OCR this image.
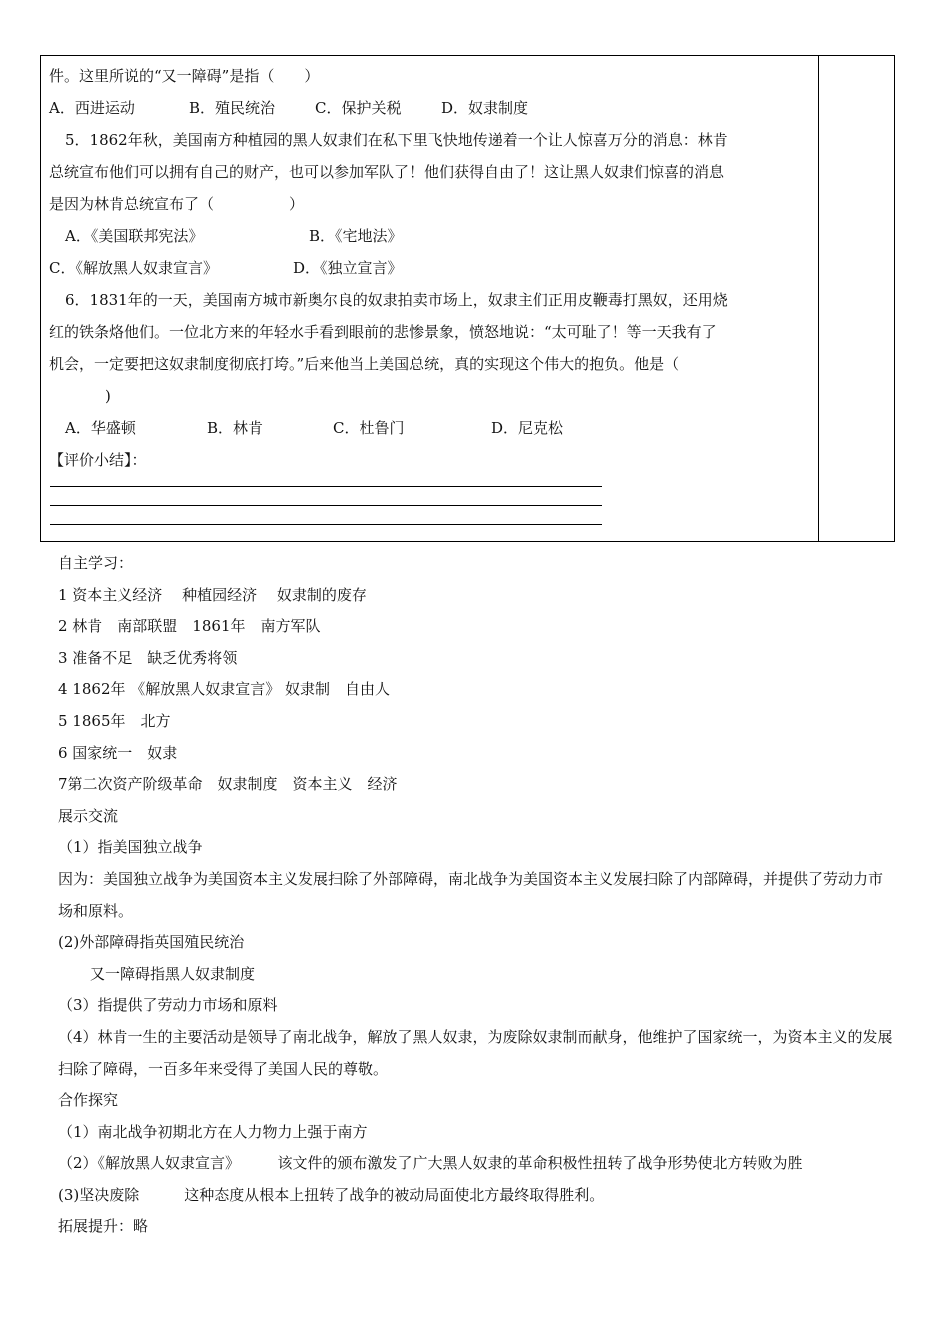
件。这里所说的“又一障碍”是指（　　）
A．西进运动	B．殖民统治	C．保护关税	D．奴隶制度
5．1862年秋，美国南方种植园的黑人奴隶们在私下里飞快地传递着一个让人惊喜万分的消息：林肯
总统宣布他们可以拥有自己的财产，也可以参加军队了！他们获得自由了！这让黑人奴隶们惊喜的消息
是因为林肯总统宣布了（　　　　　）
A．《美国联邦宪法》	B．《宅地法》
C．《解放黑人奴隶宣言》	D．《独立宣言》
6．1831年的一天，美国南方城市新奥尔良的奴隶拍卖市场上，奴隶主们正用皮鞭毒打黑奴，还用烧
红的铁条烙他们。一位北方来的年轻水手看到眼前的悲惨景象，愤怒地说：“太可耻了！等一天我有了
机会，一定要把这奴隶制度彻底打垮。”后来他当上美国总统，真的实现这个伟大的抱负。他是（
)
A．华盛顿	B．林肯	C．杜鲁门	D．尼克松
【评价小结】：
自主学习：
1 资本主义经济　 种植园经济　 奴隶制的废存
2 林肯　南部联盟　1861年　南方军队
3 准备不足　缺乏优秀将领
4 1862年 《解放黑人奴隶宣言》 奴隶制　自由人
5 1865年　北方
6 国家统一　奴隶
7第二次资产阶级革命　奴隶制度　资本主义　经济
展示交流
（1）指美国独立战争
因为：美国独立战争为美国资本主义发展扫除了外部障碍，南北战争为美国资本主义发展扫除了内部障碍，并提供了劳动力市场和原料。
(2)外部障碍指英国殖民统治
又一障碍指黑人奴隶制度
（3）指提供了劳动力市场和原料
（4）林肯一生的主要活动是领导了南北战争，解放了黑人奴隶，为废除奴隶制而献身，他维护了国家统一，为资本主义的发展扫除了障碍，一百多年来受得了美国人民的尊敬。
合作探究
（1）南北战争初期北方在人力物力上强于南方
（2）《解放黑人奴隶宣言》　　　该文件的颁布激发了广大黑人奴隶的革命积极性扭转了战争形势使北方转败为胜
(3)坚决废除　　　这种态度从根本上扭转了战争的被动局面使北方最终取得胜利。
拓展提升：略
